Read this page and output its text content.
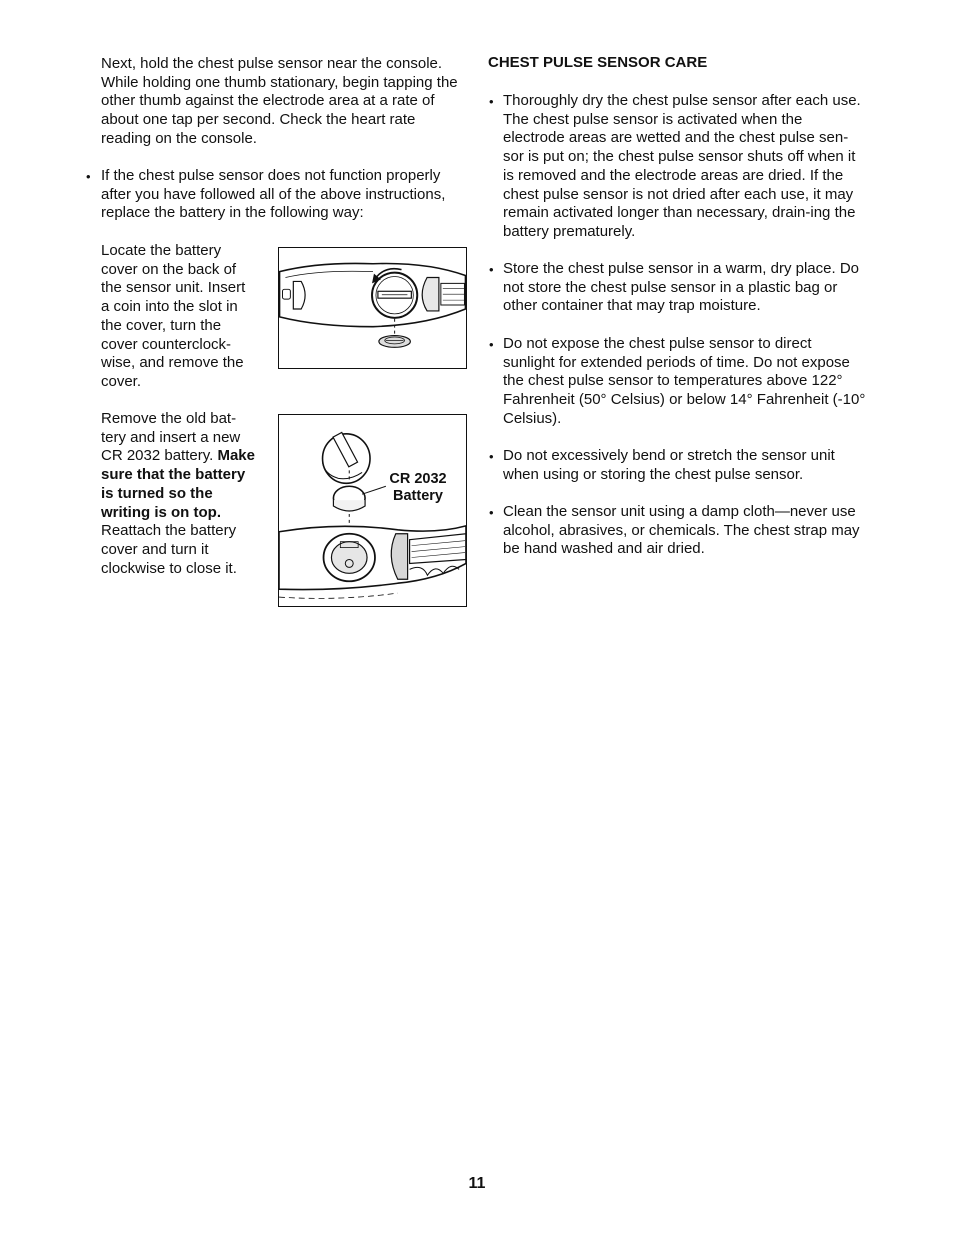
Next, hold the chest pulse sensor near the console. While holding one thumb stationary, begin tapping the other thumb against the electrode area at a rate of about one tap per second. Check the heart rate reading on the console.

• If the chest pulse sensor does not function properly after you have followed all of the above instructions, replace the battery in the following way:

Locate the battery cover on the back of the sensor unit. Insert a coin into the slot in the cover, turn the cover counterclock-wise, and remove the cover.

Remove the old bat-tery and insert a new CR 2032 battery. Make sure that the battery is turned so the writing is on top. Reattach the battery cover and turn it clockwise to close it.

CR 2032
Battery
CHEST PULSE SENSOR CARE
• Thoroughly dry the chest pulse sensor after each use. The chest pulse sensor is activated when the electrode areas are wetted and the chest pulse sen-sor is put on; the chest pulse sensor shuts off when it is removed and the electrode areas are dried. If the chest pulse sensor is not dried after each use, it may remain activated longer than necessary, drain-ing the battery prematurely.

• Store the chest pulse sensor in a warm, dry place. Do not store the chest pulse sensor in a plastic bag or other container that may trap moisture.

• Do not expose the chest pulse sensor to direct sunlight for extended periods of time. Do not expose the chest pulse sensor to temperatures above 122° Fahrenheit (50° Celsius) or below 14° Fahrenheit (-10° Celsius).

• Do not excessively bend or stretch the sensor unit when using or storing the chest pulse sensor.

• Clean the sensor unit using a damp cloth—never use alcohol, abrasives, or chemicals. The chest strap may be hand washed and air dried.

11
